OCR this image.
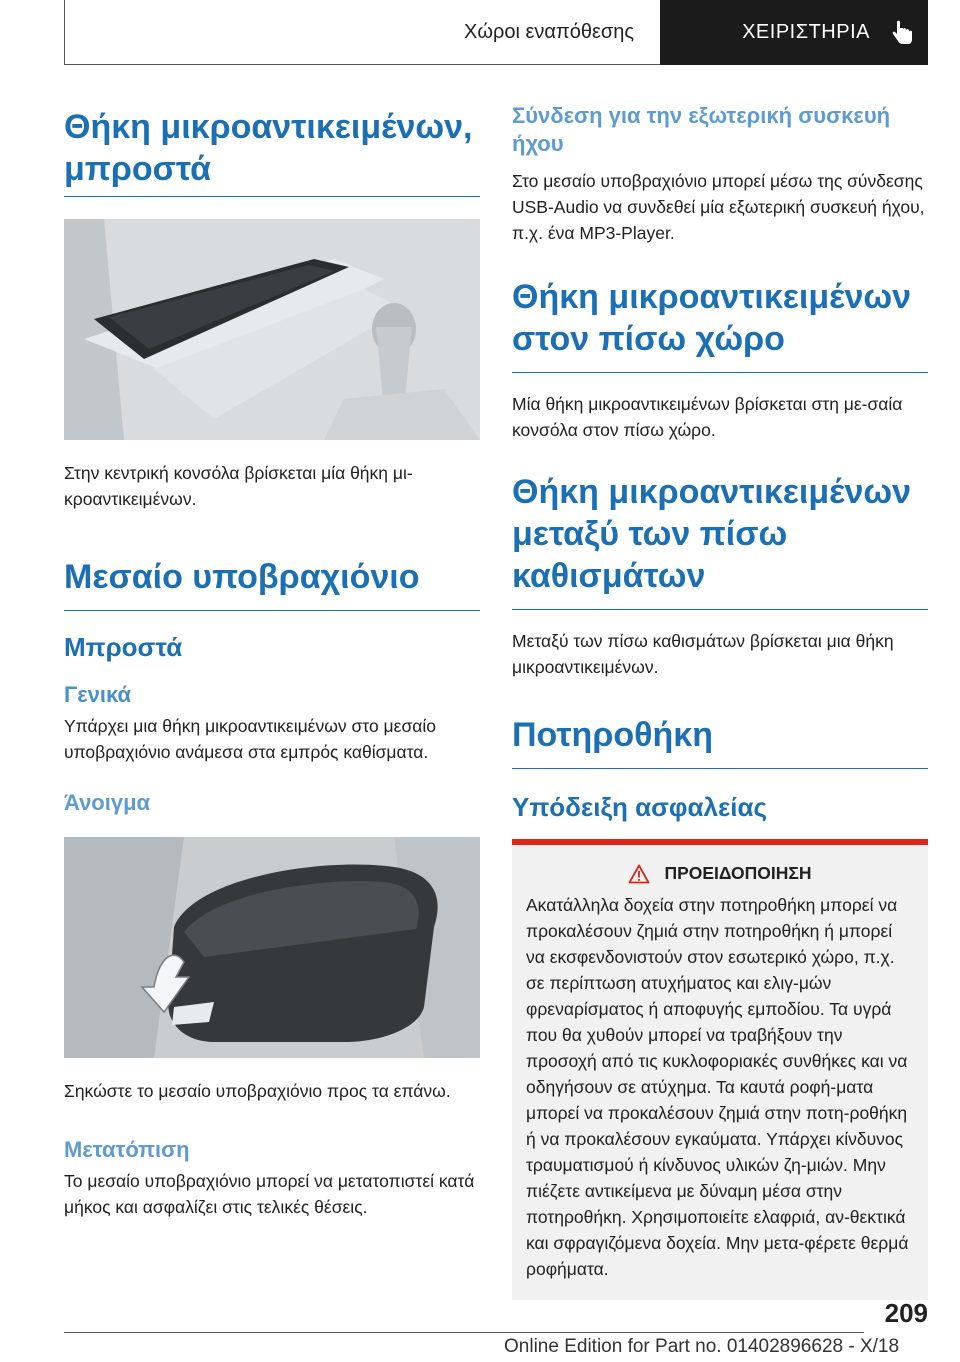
Χώροι εναπόθεσης	ΧΕΙΡΙΣΤΗΡΙΑ
Θήκη μικροαντικειμένων, μπροστά

Στην κεντρική κονσόλα βρίσκεται μία θήκη μι-κροαντικειμένων.

Μεσαίο υποβραχιόνιο
Μπροστά
Γενικά

Υπάρχει μια θήκη μικροαντικειμένων στο μεσαίο υποβραχιόνιο ανάμεσα στα εμπρός καθίσματα.

Άνοιγμα

Σηκώστε το μεσαίο υποβραχιόνιο προς τα επάνω.

Μετατόπιση

Το μεσαίο υποβραχιόνιο μπορεί να μετατοπιστεί κατά μήκος και ασφαλίζει στις τελικές θέσεις.

Σύνδεση για την εξωτερική συσκευή ήχου

Στο μεσαίο υποβραχιόνιο μπορεί μέσω της σύνδεσης USB-Audio να συνδεθεί μία εξωτερική συσκευή ήχου, π.χ. ένα MP3-Player.

Θήκη μικροαντικειμένων στον πίσω χώρο

Μία θήκη μικροαντικειμένων βρίσκεται στη με-σαία κονσόλα στον πίσω χώρο.

Θήκη μικροαντικειμένων μεταξύ των πίσω καθισμάτων

Μεταξύ των πίσω καθισμάτων βρίσκεται μια θήκη μικροαντικειμένων.

Ποτηροθήκη
Υπόδειξη ασφαλείας
ΠΡΟΕΙΔΟΠΟΙΗΣΗ

Ακατάλληλα δοχεία στην ποτηροθήκη μπορεί να προκαλέσουν ζημιά στην ποτηροθήκη ή μπορεί να εκσφενδονιστούν στον εσωτερικό χώρο, π.χ. σε περίπτωση ατυχήματος και ελιγ-μών φρεναρίσματος ή αποφυγής εμποδίου. Τα υγρά που θα χυθούν μπορεί να τραβήξουν την προσοχή από τις κυκλοφοριακές συνθήκες και να οδηγήσουν σε ατύχημα. Τα καυτά ροφή-ματα μπορεί να προκαλέσουν ζημιά στην ποτη-ροθήκη ή να προκαλέσουν εγκαύματα. Υπάρχει κίνδυνος τραυματισμού ή κίνδυνος υλικών ζη-μιών. Μην πιέζετε αντικείμενα με δύναμη μέσα στην ποτηροθήκη. Χρησιμοποιείτε ελαφριά, αν-θεκτικά και σφραγιζόμενα δοχεία. Μην μετα-φέρετε θερμά ροφήματα.

209
Online Edition for Part no. 01402896628 - X/18
